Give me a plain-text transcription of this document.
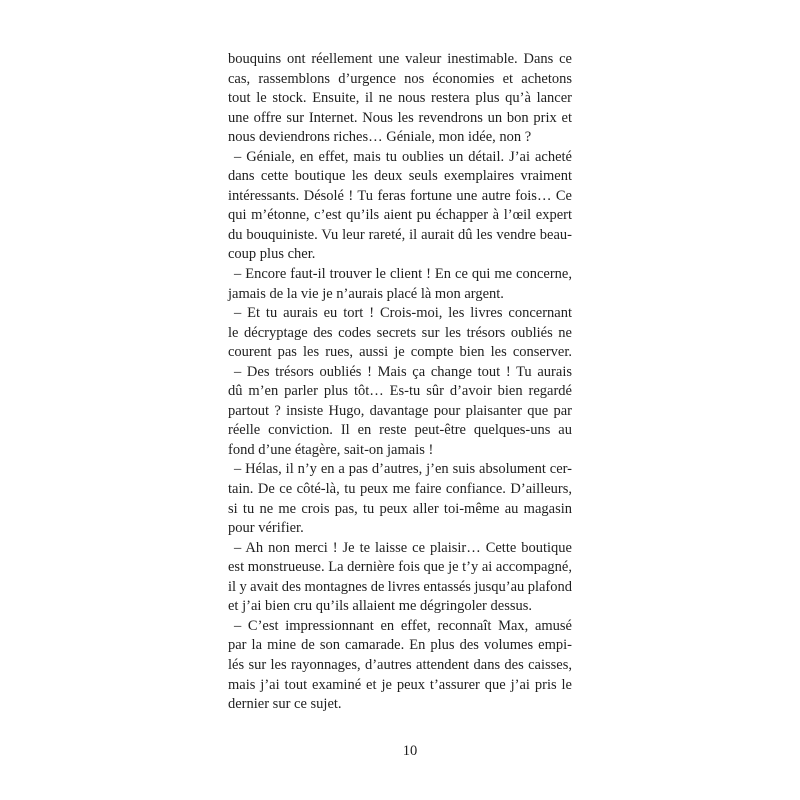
bouquins ont réellement une valeur inestimable. Dans ce
cas, rassemblons d’urgence nos économies et achetons
tout le stock. Ensuite, il ne nous restera plus qu’à lancer
une offre sur Internet. Nous les revendrons un bon prix et
nous deviendrons riches… Géniale, mon idée, non ?
– Géniale, en effet, mais tu oublies un détail. J’ai acheté
dans cette boutique les deux seuls exemplaires vraiment
intéressants. Désolé ! Tu feras fortune une autre fois… Ce
qui m’étonne, c’est qu’ils aient pu échapper à l’œil expert
du bouquiniste. Vu leur rareté, il aurait dû les vendre beau-
coup plus cher.
– Encore faut-il trouver le client ! En ce qui me concerne,
jamais de la vie je n’aurais placé là mon argent.
– Et tu aurais eu tort ! Crois-moi, les livres concernant
le décryptage des codes secrets sur les trésors oubliés ne
courent pas les rues, aussi je compte bien les conserver.
– Des trésors oubliés ! Mais ça change tout ! Tu aurais
dû m’en parler plus tôt… Es-tu sûr d’avoir bien regardé
partout ? insiste Hugo, davantage pour plaisanter que par
réelle conviction. Il en reste peut-être quelques-uns au
fond d’une étagère, sait-on jamais !
– Hélas, il n’y en a pas d’autres, j’en suis absolument cer-
tain. De ce côté-là, tu peux me faire confiance. D’ailleurs,
si tu ne me crois pas, tu peux aller toi-même au magasin
pour vérifier.
– Ah non merci ! Je te laisse ce plaisir… Cette boutique
est monstrueuse. La dernière fois que je t’y ai accompagné,
il y avait des montagnes de livres entassés jusqu’au plafond
et j’ai bien cru qu’ils allaient me dégringoler dessus.
– C’est impressionnant en effet, reconnaît Max, amusé
par la mine de son camarade. En plus des volumes empi-
lés sur les rayonnages, d’autres attendent dans des caisses,
mais j’ai tout examiné et je peux t’assurer que j’ai pris le
dernier sur ce sujet.
10
